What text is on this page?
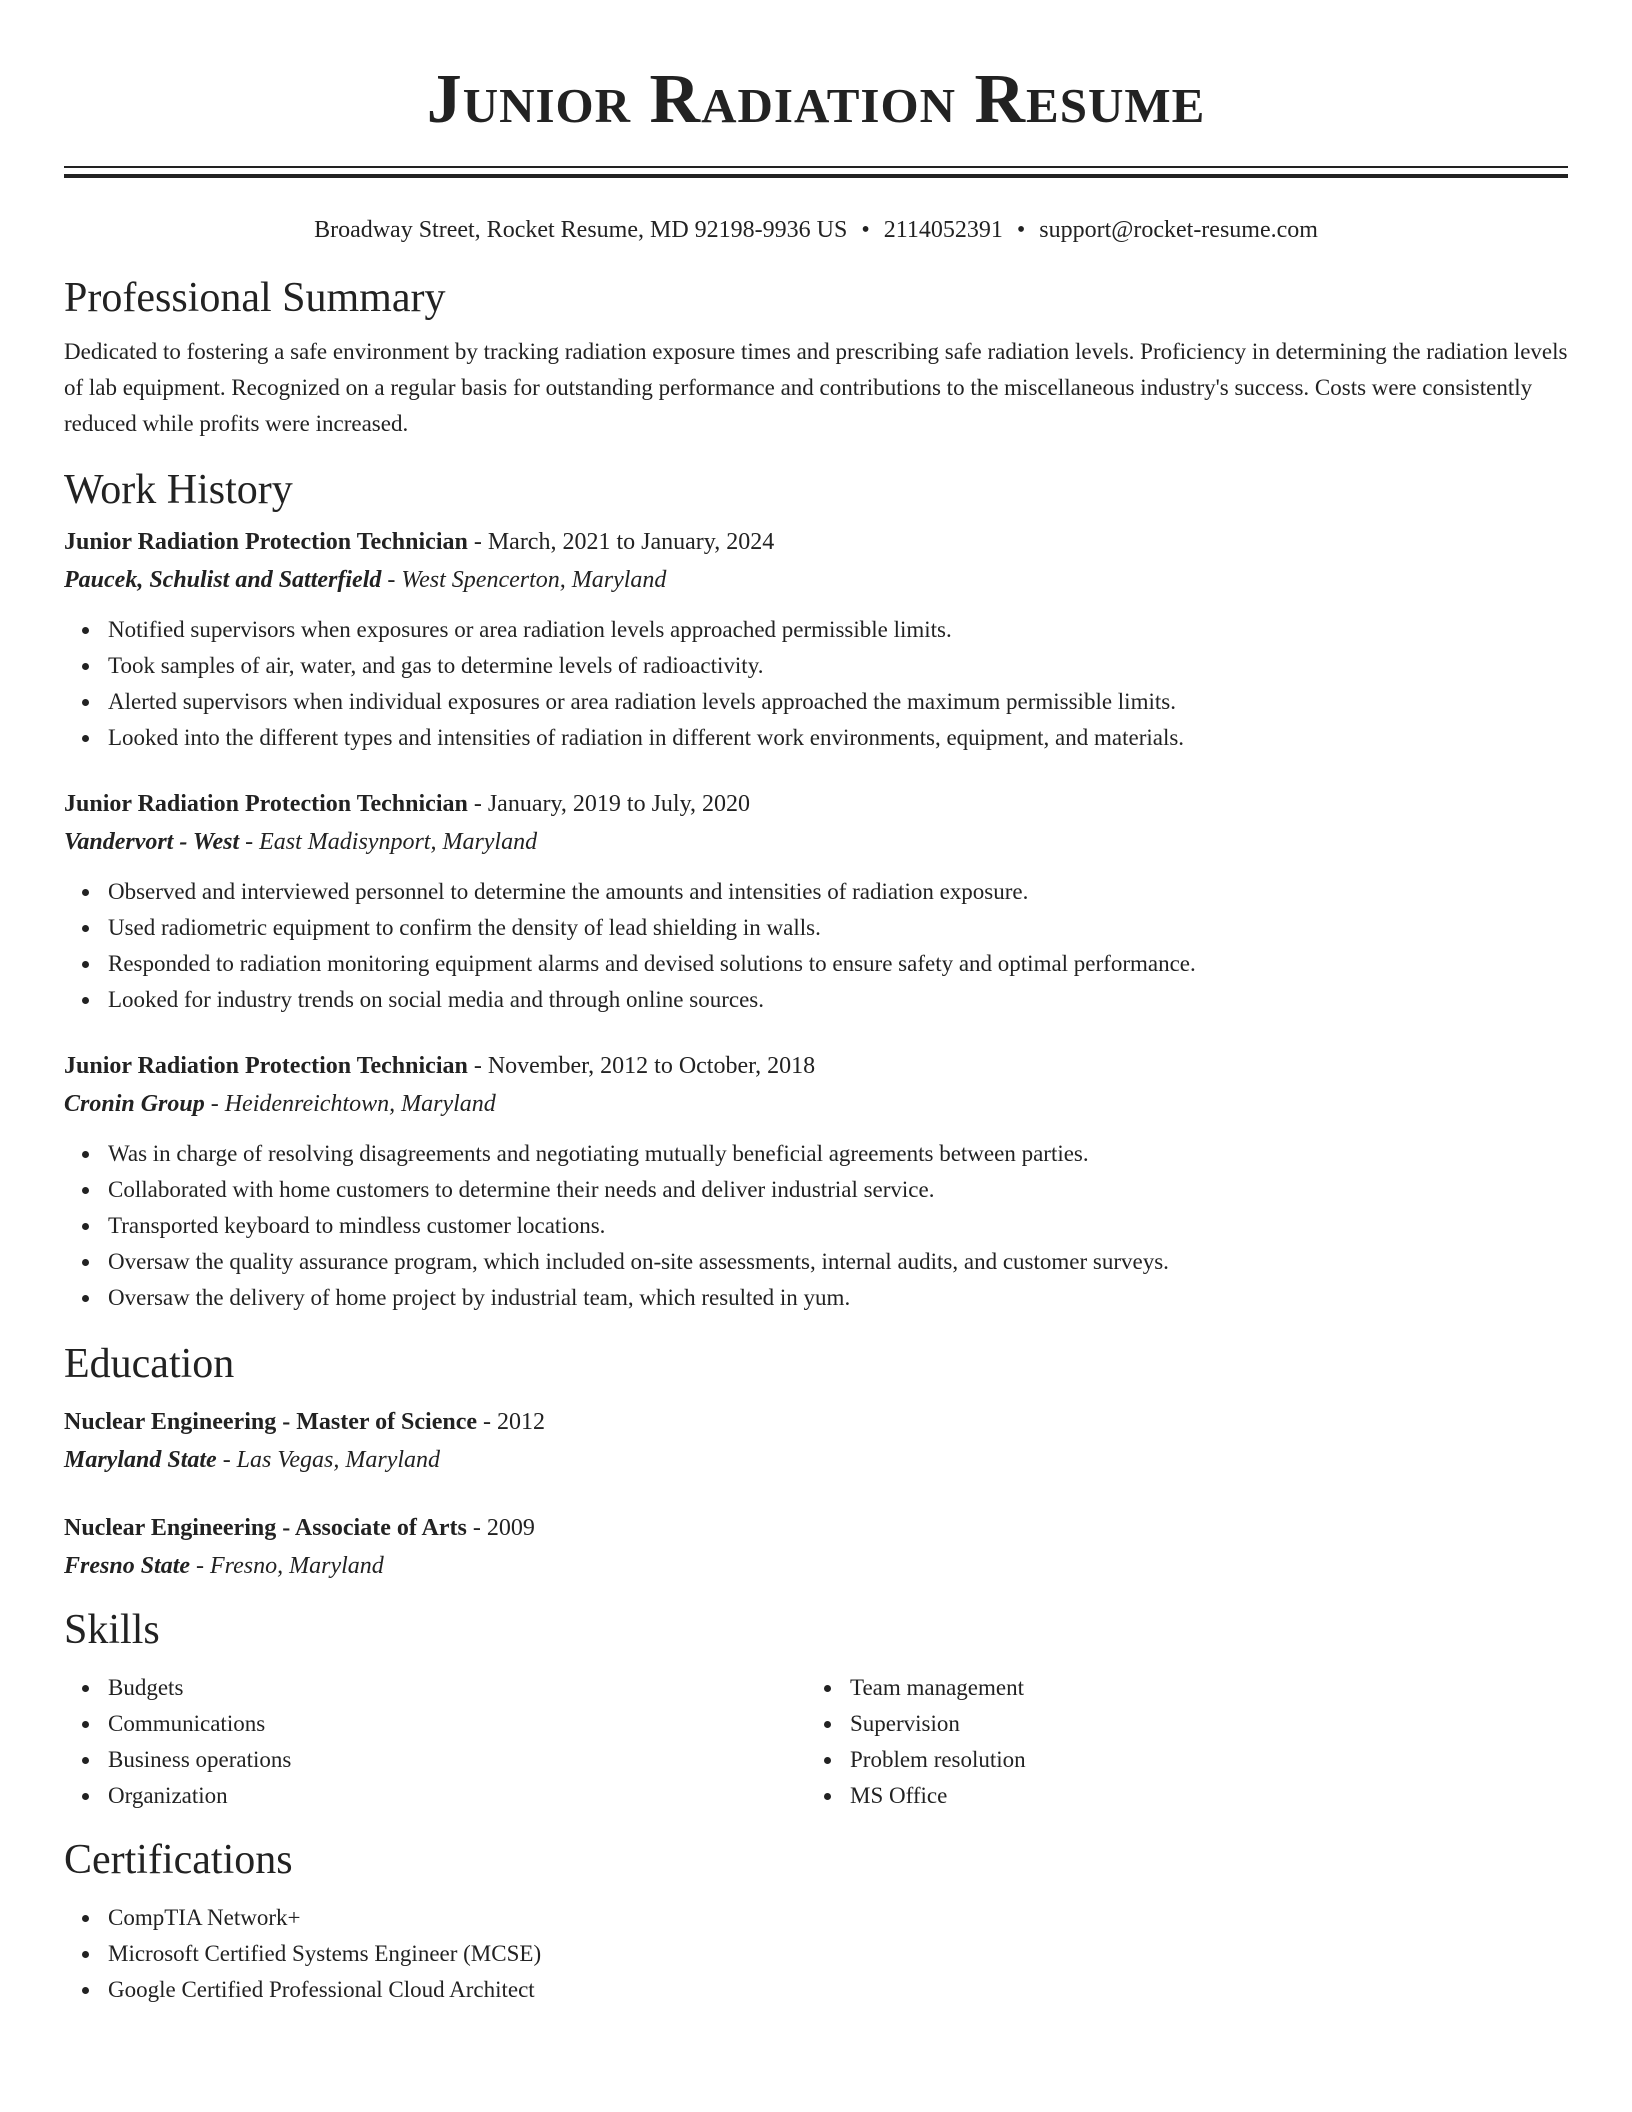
Junior Radiation Resume
Broadway Street, Rocket Resume, MD 92198-9936 US • 2114052391 • support@rocket-resume.com
Professional Summary

Dedicated to fostering a safe environment by tracking radiation exposure times and prescribing safe radiation levels. Proficiency in determining the radiation levels of lab equipment. Recognized on a regular basis for outstanding performance and contributions to the miscellaneous industry's success. Costs were consistently reduced while profits were increased.

Work History

Junior Radiation Protection Technician - March, 2021 to January, 2024

Paucek, Schulist and Satterfield - West Spencerton, Maryland

Notified supervisors when exposures or area radiation levels approached permissible limits.
Took samples of air, water, and gas to determine levels of radioactivity.
Alerted supervisors when individual exposures or area radiation levels approached the maximum permissible limits.
Looked into the different types and intensities of radiation in different work environments, equipment, and materials.

Junior Radiation Protection Technician - January, 2019 to July, 2020

Vandervort - West - East Madisynport, Maryland

Observed and interviewed personnel to determine the amounts and intensities of radiation exposure.
Used radiometric equipment to confirm the density of lead shielding in walls.
Responded to radiation monitoring equipment alarms and devised solutions to ensure safety and optimal performance.
Looked for industry trends on social media and through online sources.

Junior Radiation Protection Technician - November, 2012 to October, 2018

Cronin Group - Heidenreichtown, Maryland

Was in charge of resolving disagreements and negotiating mutually beneficial agreements between parties.
Collaborated with home customers to determine their needs and deliver industrial service.
Transported keyboard to mindless customer locations.
Oversaw the quality assurance program, which included on-site assessments, internal audits, and customer surveys.
Oversaw the delivery of home project by industrial team, which resulted in yum.
Education

Nuclear Engineering - Master of Science - 2012

Maryland State - Las Vegas, Maryland

Nuclear Engineering - Associate of Arts - 2009

Fresno State - Fresno, Maryland

Skills
Budgets
Communications
Business operations
Organization
Team management
Supervision
Problem resolution
MS Office
Certifications
CompTIA Network+
Microsoft Certified Systems Engineer (MCSE)
Google Certified Professional Cloud Architect
